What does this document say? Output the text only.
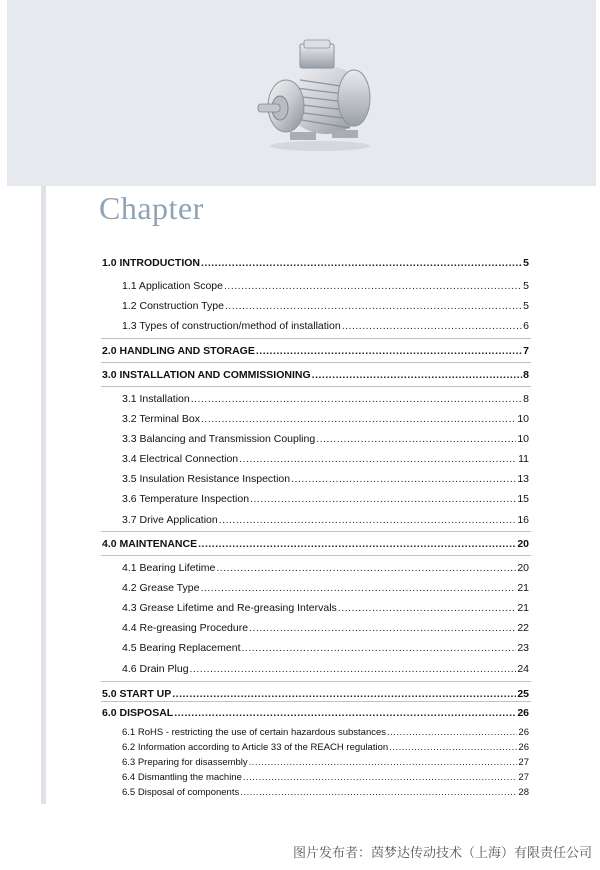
Chapter
1.0 INTRODUCTION .....	5
1.1 Application Scope .....	5
1.2 Construction Type .....	5
1.3 Types of construction/method of installation .....	6
2.0 HANDLING AND STORAGE .....	7
3.0 INSTALLATION AND COMMISSIONING .....	8
3.1 Installation .....	8
3.2 Terminal Box .....	10
3.3 Balancing and Transmission Coupling .....	10
3.4 Electrical Connection .....	11
3.5 Insulation Resistance Inspection .....	13
3.6 Temperature Inspection .....	15
3.7 Drive Application .....	16
4.0 MAINTENANCE .....	20
4.1 Bearing Lifetime .....	20
4.2 Grease Type .....	21
4.3 Grease Lifetime and Re-greasing Intervals .....	21
4.4 Re-greasing Procedure .....	22
4.5 Bearing Replacement .....	23
4.6 Drain Plug .....	24
5.0 START UP .....	25
6.0 DISPOSAL .....	26
6.1 RoHS - restricting the use of certain hazardous substances .....	26
6.2 Information according to Article 33 of the REACH regulation .....	26
6.3 Preparing for disassembly .....	27
6.4 Dismantling the machine .....	27
6.5 Disposal of components .....	28
图片发布者：茵梦达传动技术（上海）有限责任公司
